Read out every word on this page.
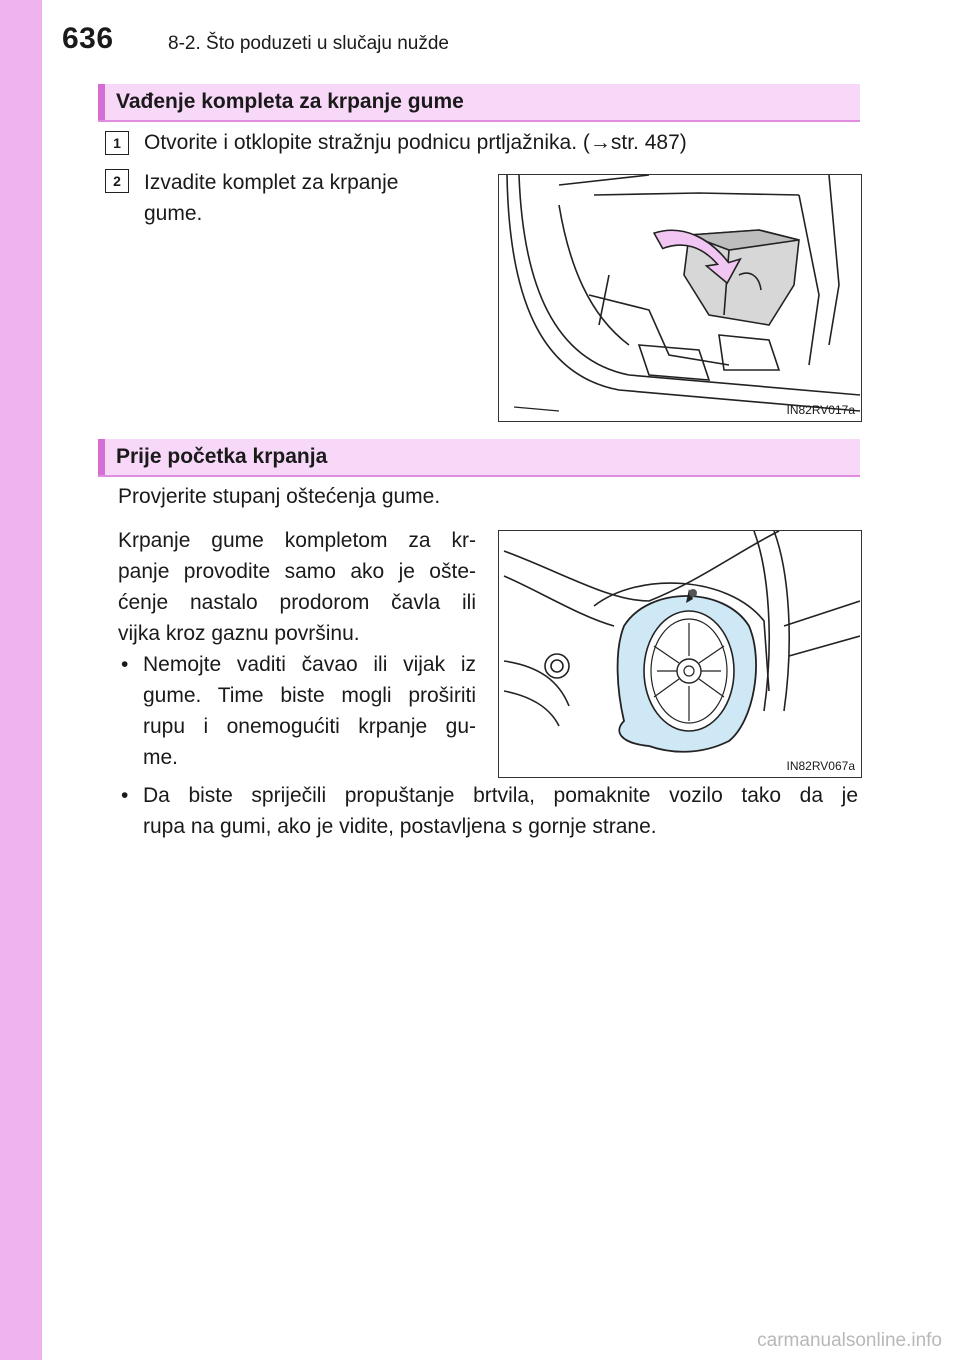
636	8-2. Što poduzeti u slučaju nužde
Vađenje kompleta za krpanje gume
1	Otvorite i otklopite stražnju podnicu prtljažnika. (→str. 487)
2	Izvadite komplet za krpanje
gume.
IN82RV017a
Prije početka krpanja
Provjerite stupanj oštećenja gume.
Krpanje gume kompletom za kr-
panje provodite samo ako je ošte-
ćenje nastalo prodorom čavla ili
vijka kroz gaznu površinu.
• Nemojte vaditi čavao ili vijak iz
gume. Time biste mogli proširiti
rupu i onemogućiti krpanje gu-
me.	IN82RV067a
• Da biste spriječili propuštanje brtvila, pomaknite vozilo tako da je
rupa na gumi, ako je vidite, postavljena s gornje strane.
carmanualsonline.info
